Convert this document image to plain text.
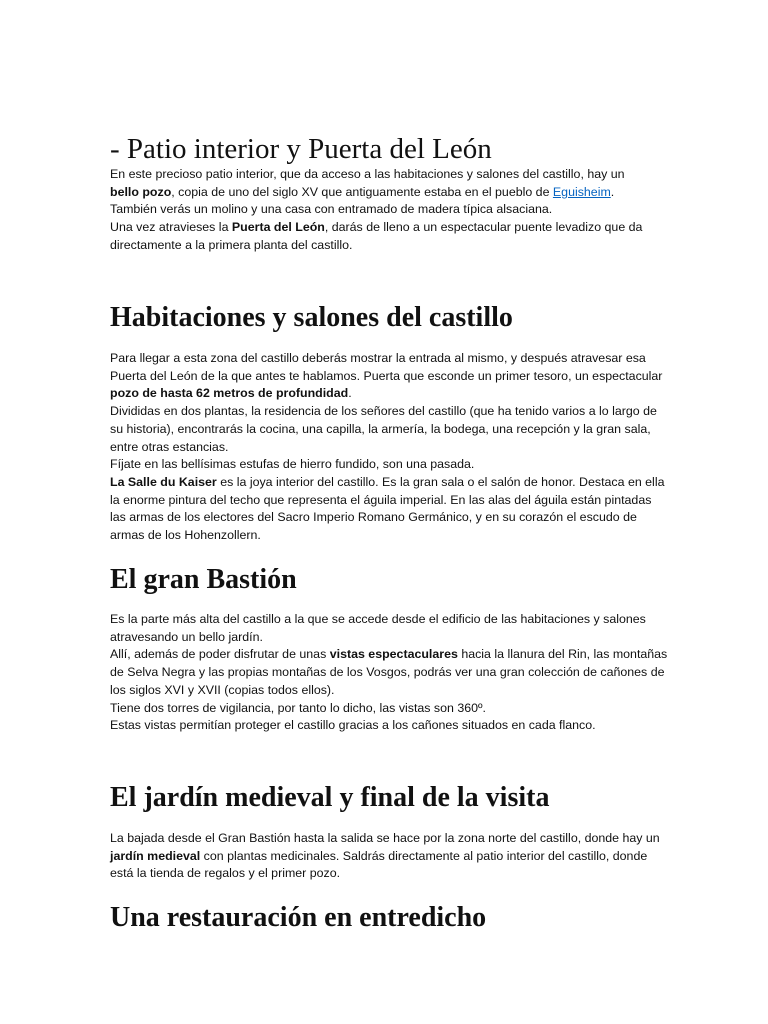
- Patio interior y Puerta del León

En este precioso patio interior, que da acceso a las habitaciones y salones del castillo, hay un
bello pozo, copia de uno del siglo XV que antiguamente estaba en el pueblo de Eguisheim.
También verás un molino y una casa con entramado de madera típica alsaciana.
Una vez atravieses la Puerta del León, darás de lleno a un espectacular puente levadizo que da directamente a la primera planta del castillo.

Habitaciones y salones del castillo

Para llegar a esta zona del castillo deberás mostrar la entrada al mismo, y después atravesar esa Puerta del León de la que antes te hablamos. Puerta que esconde un primer tesoro, un espectacular pozo de hasta 62 metros de profundidad.
Divididas en dos plantas, la residencia de los señores del castillo (que ha tenido varios a lo largo de su historia), encontrarás la cocina, una capilla, la armería, la bodega, una recepción y la gran sala, entre otras estancias.
Fíjate en las bellísimas estufas de hierro fundido, son una pasada.
La Salle du Kaiser es la joya interior del castillo. Es la gran sala o el salón de honor. Destaca en ella la enorme pintura del techo que representa el águila imperial. En las alas del águila están pintadas las armas de los electores del Sacro Imperio Romano Germánico, y en su corazón el escudo de armas de los Hohenzollern.

El gran Bastión

Es la parte más alta del castillo a la que se accede desde el edificio de las habitaciones y salones atravesando un bello jardín.
Allí, además de poder disfrutar de unas vistas espectaculares hacia la llanura del Rin, las montañas de Selva Negra y las propias montañas de los Vosgos, podrás ver una gran colección de cañones de los siglos XVI y XVII (copias todos ellos).
Tiene dos torres de vigilancia, por tanto lo dicho, las vistas son 360º.
Estas vistas permitían proteger el castillo gracias a los cañones situados en cada flanco.

El jardín medieval y final de la visita

La bajada desde el Gran Bastión hasta la salida se hace por la zona norte del castillo, donde hay un jardín medieval con plantas medicinales. Saldrás directamente al patio interior del castillo, donde está la tienda de regalos y el primer pozo.

Una restauración en entredicho
